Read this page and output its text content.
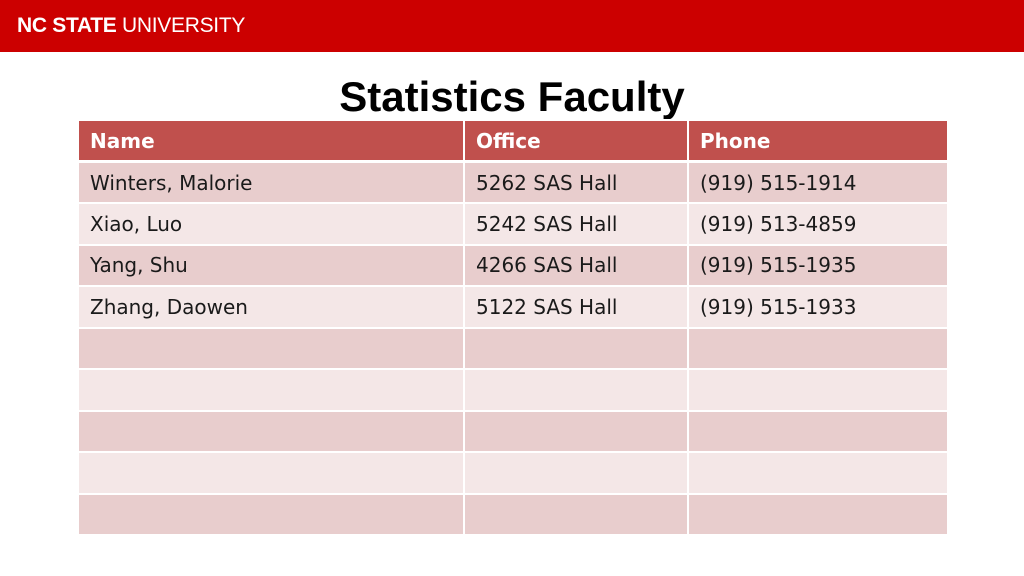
NC STATE UNIVERSITY
Statistics Faculty
Name	Office	Phone
Winters, Malorie	5262 SAS Hall	(919) 515-1914
Xiao, Luo	5242 SAS Hall	(919) 513-4859
Yang, Shu	4266 SAS Hall	(919) 515-1935
Zhang, Daowen	5122 SAS Hall	(919) 515-1933
